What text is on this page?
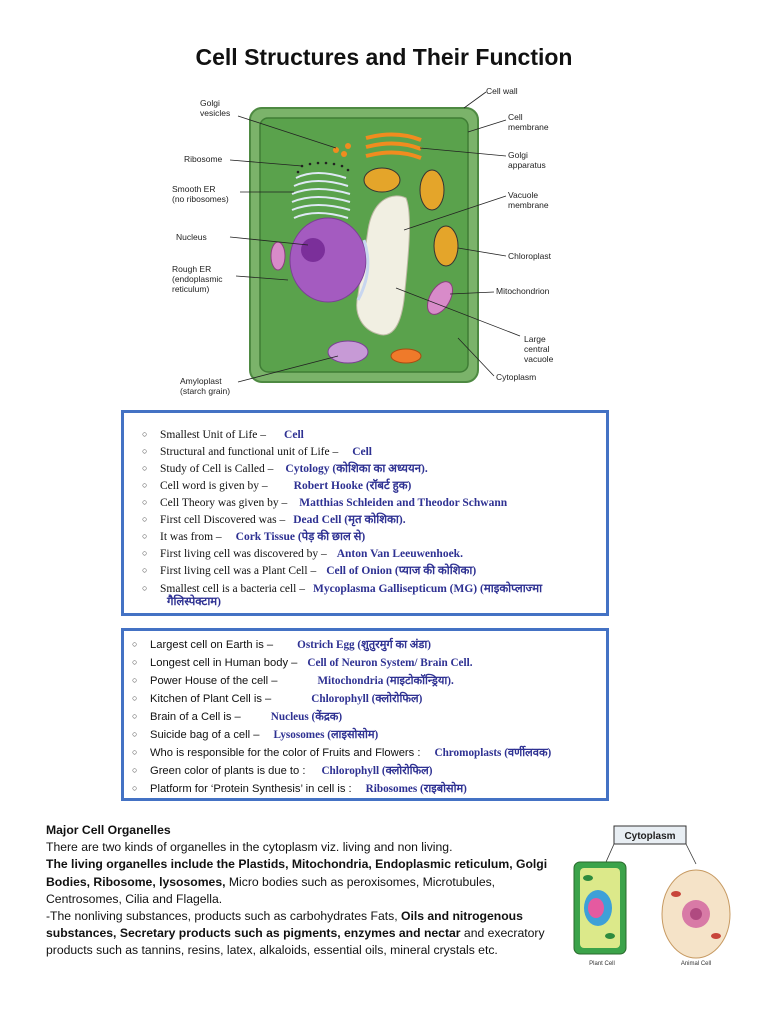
Cell Structures and Their Function
Golgi
vesicles
Ribosome
Smooth ER
(no ribosomes)
Nucleus
Rough ER
(endoplasmic
reticulum)
Amyloplast
(starch grain)
Cell wall
Cell
membrane
Golgi
apparatus
Vacuole
membrane
Chloroplast
Mitochondrion
Large
central
vacuole
Cytoplasm
○ Smallest Unit of Life – Cell
○ Structural and functional unit of Life – Cell
○ Study of Cell is Called – Cytology (कोशिका का अध्ययन).
○ Cell word is given by – Robert Hooke (रॉबर्ट हुक)
○ Cell Theory was given by – Matthias Schleiden and Theodor Schwann
○ First cell Discovered was – Dead Cell (मृत कोशिका).
○ It was from – Cork Tissue (पेड़ की छाल से)
○ First living cell was discovered by – Anton Van Leeuwenhoek.
○ First living cell was a Plant Cell – Cell of Onion (प्याज की कोशिका)
○ Smallest cell is a bacteria cell – Mycoplasma Gallisepticum (MG) (माइकोप्लाज्मा
गैलिस्पेक्टाम)
○ Largest cell on Earth is – Ostrich Egg (शुतुरमुर्ग का अंडा)
○ Longest cell in Human body – Cell of Neuron System/ Brain Cell.
○ Power House of the cell –	Mitochondria (माइटोकॉन्ड्रिया).
○ Kitchen of Plant Cell is –	Chlorophyll (क्लोरोफिल)
○ Brain of a Cell is –	Nucleus (केंद्रक)
○ Suicide bag of a cell – Lysosomes (लाइसोसोम)
○ Who is responsible for the color of Fruits and Flowers : Chromoplasts (वर्णीलवक)
○ Green color of plants is due to : Chlorophyll (क्लोरोफिल)
○ Platform for ‘Protein Synthesis’ in cell is : Ribosomes (राइबोसोम)

Major Cell Organelles

There are two kinds of organelles in the cytoplasm viz. living and non living.

The living organelles include the Plastids, Mitochondria, Endoplasmic reticulum, Golgi Bodies, Ribosome, lysosomes, Micro bodies such as peroxisomes, Microtubules, Centrosomes, Cilia and Flagella.

-The nonliving substances, products such as carbohydrates Fats, Oils and nitrogenous substances, Secretary products such as pigments, enzymes and nectar and execratory products such as tannins, resins, latex, alkaloids, essential oils, mineral crystals etc.

Cytoplasm
Plant Cell	Animal Cell
